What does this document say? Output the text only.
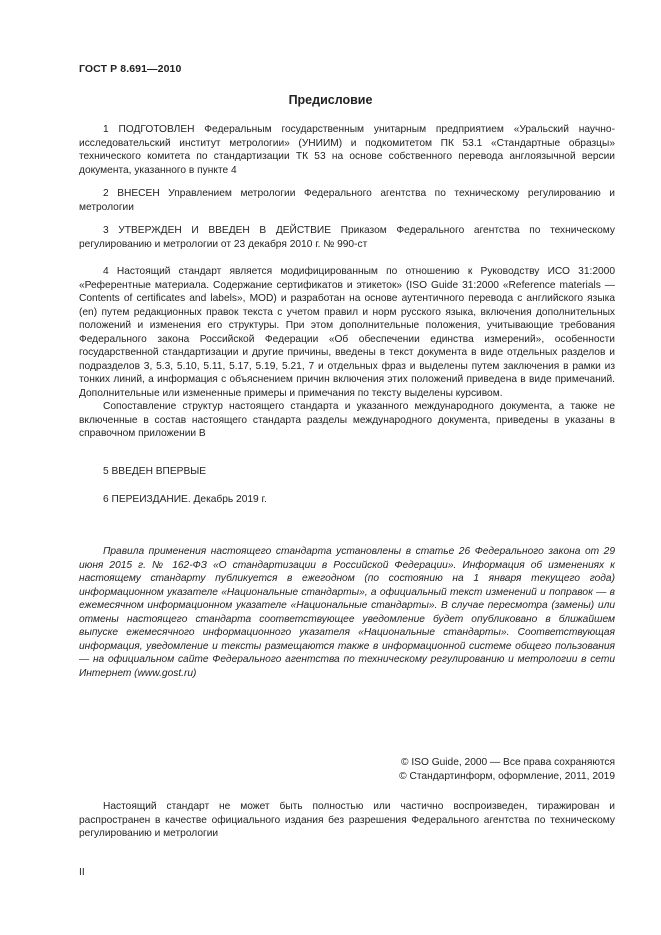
ГОСТ Р 8.691—2010
Предисловие

1 ПОДГОТОВЛЕН Федеральным государственным унитарным предприятием «Уральский научно-исследовательский институт метрологии» (УНИИМ) и подкомитетом ПК 53.1 «Стандартные образцы» технического комитета по стандартизации ТК 53 на основе собственного перевода англоязычной версии документа, указанного в пункте 4

2 ВНЕСЕН Управлением метрологии Федерального агентства по техническому регулированию и метрологии

3 УТВЕРЖДЕН И ВВЕДЕН В ДЕЙСТВИЕ Приказом Федерального агентства по техническому регулированию и метрологии от 23 декабря 2010 г. № 990-ст

4 Настоящий стандарт является модифицированным по отношению к Руководству ИСО 31:2000 «Референтные материала. Содержание сертификатов и этикеток» (ISO Guide 31:2000 «Reference materials — Contents of certificates and labels», MOD) и разработан на основе аутентичного перевода с английского языка (en) путем редакционных правок текста с учетом правил и норм русского языка, включения дополнительных положений и изменения его структуры. При этом дополнительные положения, учитывающие требования Федерального закона Российской Федерации «Об обеспечении единства измерений», особенности государственной стандартизации и другие причины, введены в текст документа в виде отдельных разделов и подразделов 3, 5.3, 5.10, 5.11, 5.17, 5.19, 5.21, 7 и отдельных фраз и выделены путем заключения в рамки из тонких линий, а информация с объяснением причин включения этих положений приведена в виде примечаний. Дополнительные или измененные примеры и примечания по тексту выделены курсивом.

Сопоставление структур настоящего стандарта и указанного международного документа, а также не включенные в состав настоящего стандарта разделы международного документа, приведены в указаны в справочном приложении В

5 ВВЕДЕН ВПЕРВЫЕ

6 ПЕРЕИЗДАНИЕ. Декабрь 2019 г.

Правила применения настоящего стандарта установлены в статье 26 Федерального закона от 29 июня 2015 г. № 162-ФЗ «О стандартизации в Российской Федерации». Информация об изменениях к настоящему стандарту публикуется в ежегодном (по состоянию на 1 января текущего года) информационном указателе «Национальные стандарты», а официальный текст изменений и поправок — в ежемесячном информационном указателе «Национальные стандарты». В случае пересмотра (замены) или отмены настоящего стандарта соответствующее уведомление будет опубликовано в ближайшем выпуске ежемесячного информационного указателя «Национальные стандарты». Соответствующая информация, уведомление и тексты размещаются также в информационной системе общего пользования — на официальном сайте Федерального агентства по техническому регулированию и метрологии в сети Интернет (www.gost.ru)

© ISO Guide, 2000 — Все права сохраняются
© Стандартинформ, оформление, 2011, 2019

Настоящий стандарт не может быть полностью или частично воспроизведен, тиражирован и распространен в качестве официального издания без разрешения Федерального агентства по техническому регулированию и метрологии

II
